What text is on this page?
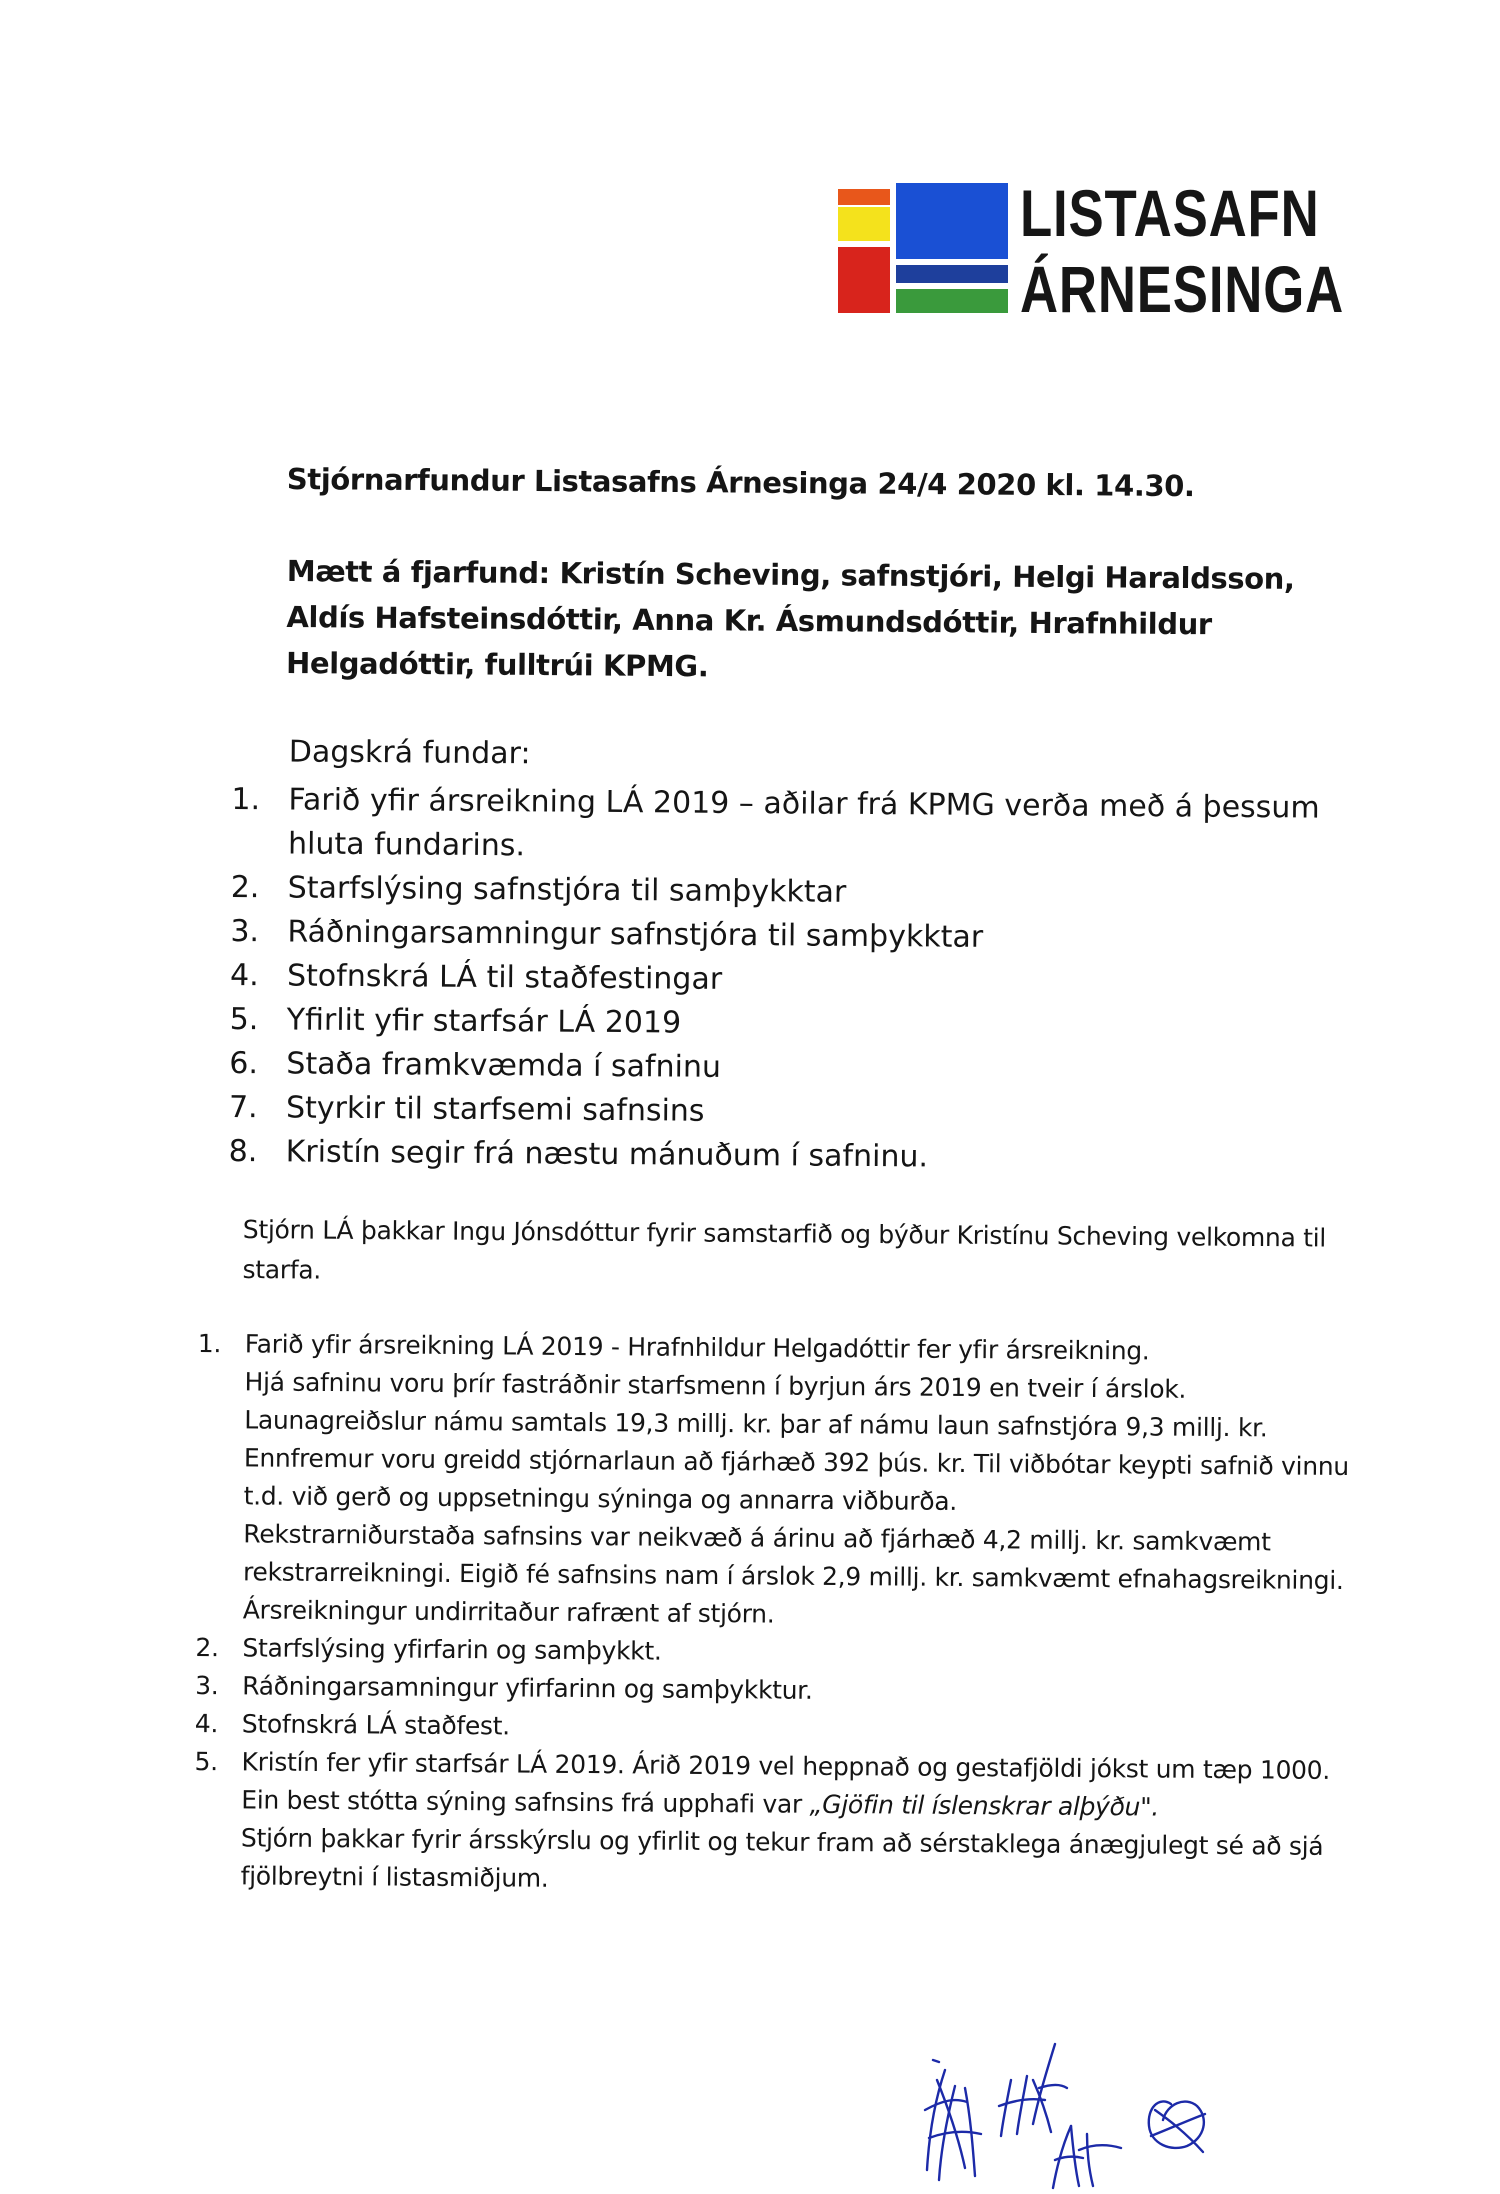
LISTASAFN
ÁRNESINGA
Stjórnarfundur Listasafns Árnesinga 24/4 2020 kl. 14.30.
Mætt á fjarfund: Kristín Scheving, safnstjóri, Helgi Haraldsson, Aldís Hafsteinsdóttir, Anna Kr. Ásmundsdóttir, Hrafnhildur Helgadóttir, fulltrúi KPMG.
Dagskrá fundar:
1. Farið yfir ársreikning LÁ 2019 – aðilar frá KPMG verða með á þessum hluta fundarins.
2. Starfslýsing safnstjóra til samþykktar
3. Ráðningarsamningur safnstjóra til samþykktar
4. Stofnskrá LÁ til staðfestingar
5. Yfirlit yfir starfsár LÁ 2019
6. Staða framkvæmda í safninu
7. Styrkir til starfsemi safnsins
8. Kristín segir frá næstu mánuðum í safninu.
Stjórn LÁ þakkar Ingu Jónsdóttur fyrir samstarfið og býður Kristínu Scheving velkomna til starfa.
1. Farið yfir ársreikning LÁ 2019 - Hrafnhildur Helgadóttir fer yfir ársreikning.
Hjá safninu voru þrír fastráðnir starfsmenn í byrjun árs 2019 en tveir í árslok.
Launagreiðslur námu samtals 19,3 millj. kr. þar af námu laun safnstjóra 9,3 millj. kr. Ennfremur voru greidd stjórnarlaun að fjárhæð 392 þús. kr. Til viðbótar keypti safnið vinnu t.d. við gerð og uppsetningu sýninga og annarra viðburða.
Rekstrarniðurstaða safnsins var neikvæð á árinu að fjárhæð 4,2 millj. kr. samkvæmt rekstrarreikningi. Eigið fé safnsins nam í árslok 2,9 millj. kr. samkvæmt efnahagsreikningi.
Ársreikningur undirritaður rafrænt af stjórn.
2. Starfslýsing yfirfarin og samþykkt.
3. Ráðningarsamningur yfirfarinn og samþykktur.
4. Stofnskrá LÁ staðfest.
5. Kristín fer yfir starfsár LÁ 2019. Árið 2019 vel heppnað og gestafjöldi jókst um tæp 1000.
Ein best stótta sýning safnsins frá upphafi var „Gjöfin til íslenskrar alþýðu".
Stjórn þakkar fyrir ársskýrslu og yfirlit og tekur fram að sérstaklega ánægjulegt sé að sjá fjölbreytni í listasmiðjum.
